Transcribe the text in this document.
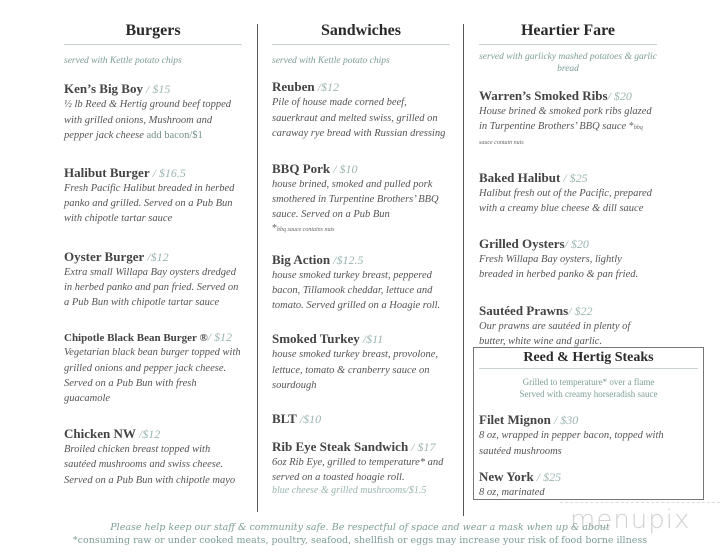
Burgers
served with Kettle potato chips
Ken’s Big Boy / $15
½ lb Reed & Hertig ground beef topped with grilled onions, Mushroom and pepper jack cheese add bacon/$1
Halibut Burger / $16.5
Fresh Pacific Halibut breaded in herbed panko and grilled. Served on a Pub Bun with chipotle tartar sauce
Oyster Burger /$12
Extra small Willapa Bay oysters dredged in herbed panko and pan fried. Served on a Pub Bun with chipotle tartar sauce
Chipotle Black Bean Burger ®/ $12
Vegetarian black bean burger topped with grilled onions and pepper jack cheese. Served on a Pub Bun with fresh guacamole
Chicken NW /$12
Broiled chicken breast topped with sautéed mushrooms and swiss cheese. Served on a Pub Bun with chipotle mayo
Sandwiches
served with Kettle potato chips
Reuben /$12
Pile of house made corned beef, sauerkraut and melted swiss, grilled on caraway rye bread with Russian dressing
BBQ Pork / $10
house brined, smoked and pulled pork smothered in Turpentine Brothers’ BBQ sauce. Served on a Pub Bun
*bbq sauce contains nuts
Big Action /$12.5
house smoked turkey breast, peppered bacon, Tillamook cheddar, lettuce and tomato. Served grilled on a Hoagie roll.
Smoked Turkey /$11
house smoked turkey breast, provolone, lettuce, tomato & cranberry sauce on sourdough
BLT /$10
Rib Eye Steak Sandwich / $17
6oz Rib Eye, grilled to temperature* and served on a toasted hoagie roll.
blue cheese & grilled mushrooms/$1.5
Heartier Fare
served with garlicky mashed potatoes & garlic bread
Warren’s Smoked Ribs/ $20
House brined & smoked pork ribs glazed in Turpentine Brothers’ BBQ sauce *bbq sauce contain nuts
Baked Halibut / $25
Halibut fresh out of the Pacific, prepared with a creamy blue cheese & dill sauce
Grilled Oysters/ $20
Fresh Willapa Bay oysters, lightly breaded in herbed panko & pan fried.
Sautéed Prawns/ $22
Our prawns are sautéed in plenty of butter, white wine and garlic.
Reed & Hertig Steaks
Grilled to temperature* over a flame
Served with creamy horseradish sauce
Filet Mignon / $30
8 oz, wrapped in pepper bacon, topped with sautéed mushrooms
New York / $25
8 oz, marinated
Please help keep our staff & community safe. Be respectful of space and wear a mask when up & about
*consuming raw or under cooked meats, poultry, seafood, shellfish or eggs may increase your risk of food borne illness
menupix
